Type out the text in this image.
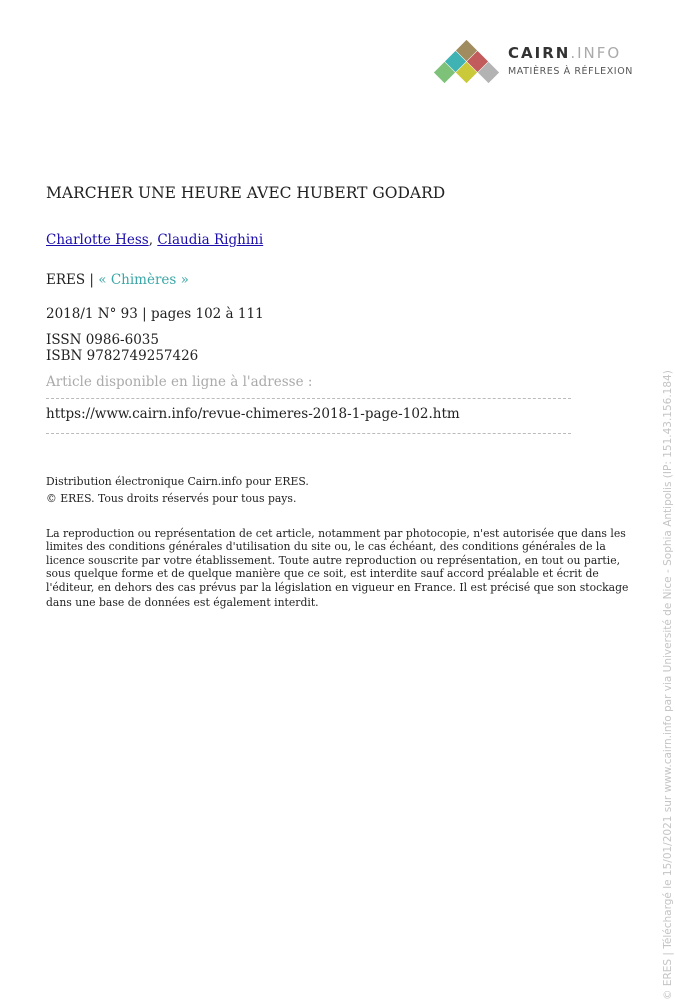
CAIRN.INFO
MATIÈRES À RÉFLEXION
MARCHER UNE HEURE AVEC HUBERT GODARD
Charlotte Hess, Claudia Righini
ERES | « Chimères »
2018/1 N° 93 | pages 102 à 111
ISSN 0986-6035
ISBN 9782749257426
Article disponible en ligne à l'adresse :
https://www.cairn.info/revue-chimeres-2018-1-page-102.htm
Distribution électronique Cairn.info pour ERES.
© ERES. Tous droits réservés pour tous pays.
La reproduction ou représentation de cet article, notamment par photocopie, n'est autorisée que dans les
limites des conditions générales d'utilisation du site ou, le cas échéant, des conditions générales de la
licence souscrite par votre établissement. Toute autre reproduction ou représentation, en tout ou partie,
sous quelque forme et de quelque manière que ce soit, est interdite sauf accord préalable et écrit de
l'éditeur, en dehors des cas prévus par la législation en vigueur en France. Il est précisé que son stockage
dans une base de données est également interdit.	© ERES | Téléchargé le 15/01/2021 sur www.cairn.info par via Université de Nice - Sophia Antipolis (IP: 151.43.156.184)
